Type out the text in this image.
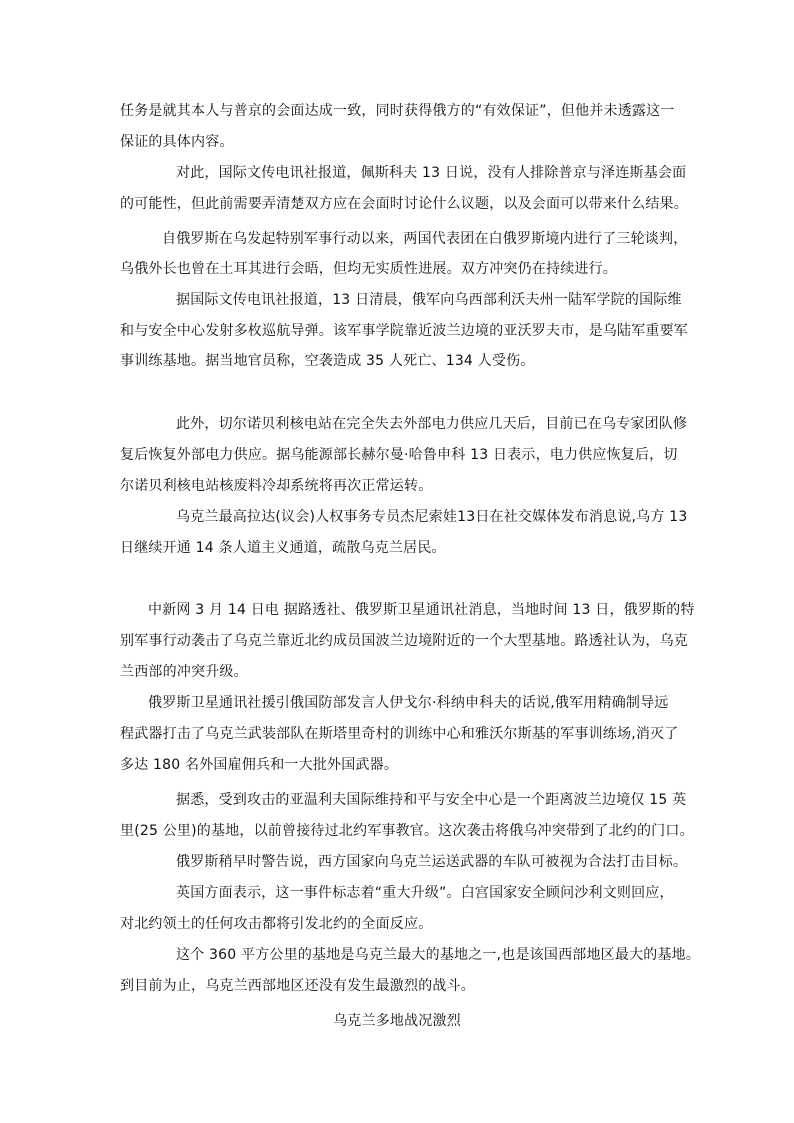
任务是就其本人与普京的会面达成一致，同时获得俄方的“有效保证”，但他并未透露这一
保证的具体内容。
对此，国际文传电讯社报道，佩斯科夫 13 日说，没有人排除普京与泽连斯基会面
的可能性，但此前需要弄清楚双方应在会面时讨论什么议题，以及会面可以带来什么结果。
自俄罗斯在乌发起特别军事行动以来，两国代表团在白俄罗斯境内进行了三轮谈判，
乌俄外长也曾在土耳其进行会晤，但均无实质性进展。双方冲突仍在持续进行。
据国际文传电讯社报道，13 日清晨，俄军向乌西部利沃夫州一陆军学院的国际维
和与安全中心发射多枚巡航导弹。该军事学院靠近波兰边境的亚沃罗夫市，是乌陆军重要军
事训练基地。据当地官员称，空袭造成 35 人死亡、134 人受伤。
此外，切尔诺贝利核电站在完全失去外部电力供应几天后，目前已在乌专家团队修
复后恢复外部电力供应。据乌能源部长赫尔曼·哈鲁申科 13 日表示，电力供应恢复后，切
尔诺贝利核电站核废料冷却系统将再次正常运转。
乌克兰最高拉达(议会)人权事务专员杰尼索娃13日在社交媒体发布消息说,乌方 13
日继续开通 14 条人道主义通道，疏散乌克兰居民。
中新网 3 月 14 日电 据路透社、俄罗斯卫星通讯社消息，当地时间 13 日，俄罗斯的特
别军事行动袭击了乌克兰靠近北约成员国波兰边境附近的一个大型基地。路透社认为，乌克
兰西部的冲突升级。
俄罗斯卫星通讯社援引俄国防部发言人伊戈尔·科纳申科夫的话说,俄军用精确制导远
程武器打击了乌克兰武装部队在斯塔里奇村的训练中心和雅沃尔斯基的军事训练场,消灭了
多达 180 名外国雇佣兵和一大批外国武器。
据悉，受到攻击的亚温利夫国际维持和平与安全中心是一个距离波兰边境仅 15 英
里(25 公里)的基地，以前曾接待过北约军事教官。这次袭击将俄乌冲突带到了北约的门口。
俄罗斯稍早时警告说，西方国家向乌克兰运送武器的车队可被视为合法打击目标。
英国方面表示，这一事件标志着“重大升级”。白宫国家安全顾问沙利文则回应，
对北约领土的任何攻击都将引发北约的全面反应。
这个 360 平方公里的基地是乌克兰最大的基地之一,也是该国西部地区最大的基地。
到目前为止，乌克兰西部地区还没有发生最激烈的战斗。
乌克兰多地战况激烈
